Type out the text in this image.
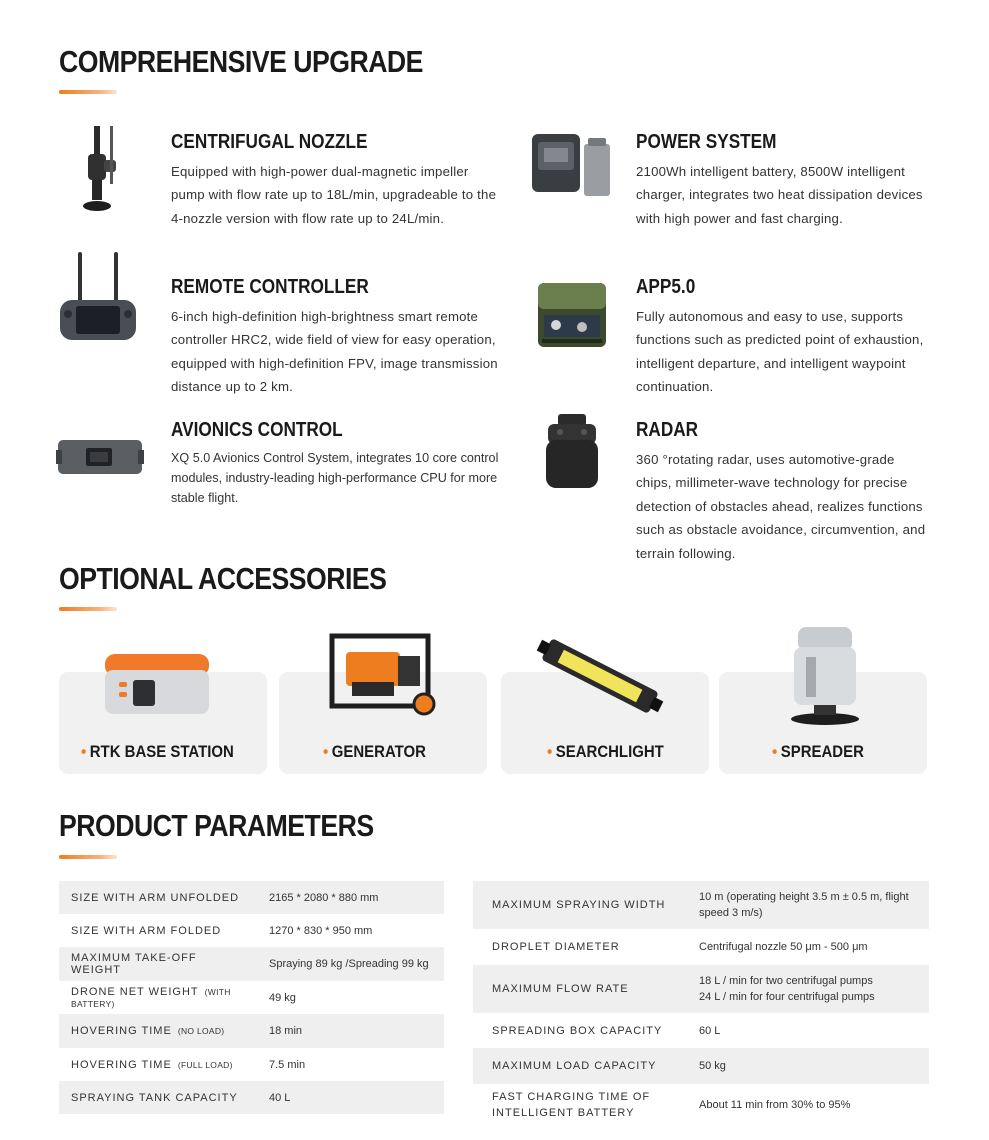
COMPREHENSIVE UPGRADE
CENTRIFUGAL NOZZLE

Equipped with high-power dual-magnetic impeller pump with flow rate up to 18L/min, upgradeable to the 4-nozzle version with flow rate up to 24L/min.

REMOTE CONTROLLER

6-inch high-definition high-brightness smart remote controller HRC2, wide field of view for easy operation, equipped with high-definition FPV, image transmission distance up to 2 km.

AVIONICS CONTROL

XQ 5.0 Avionics Control System, integrates 10 core control modules, industry-leading high-performance CPU for more stable flight.

POWER SYSTEM

2100Wh intelligent battery, 8500W intelligent charger, integrates two heat dissipation devices with high power and fast charging.

APP5.0

Fully autonomous and easy to use, supports functions such as predicted point of exhaustion, intelligent departure, and intelligent waypoint continuation.

RADAR

360 °rotating radar, uses automotive-grade chips, millimeter-wave technology for precise detection of obstacles ahead, realizes functions such as obstacle avoidance, circumvention, and terrain following.

OPTIONAL ACCESSORIES
• RTK BASE STATION	• GENERATOR	• SEARCHLIGHT	• SPREADER
PRODUCT PARAMETERS
SIZE WITH ARM UNFOLDED	2165 * 2080 * 880 mm
SIZE WITH ARM FOLDED	1270 * 830 * 950 mm
MAXIMUM TAKE-OFF WEIGHT	Spraying 89 kg /Spreading 99 kg
DRONE NET WEIGHT (WITH BATTERY)	49 kg
HOVERING TIME (NO LOAD)	18 min
HOVERING TIME (FULL LOAD)	7.5 min
SPRAYING TANK CAPACITY	40 L
MAXIMUM SPRAYING WIDTH	10 m (operating height 3.5 m ± 0.5 m, flight
speed 3 m/s)

DROPLET DIAMETER	Centrifugal nozzle 50 μm - 500 μm
MAXIMUM FLOW RATE	18 L / min for two centrifugal pumps
24 L / min for four centrifugal pumps

SPREADING BOX CAPACITY	60 L
MAXIMUM LOAD CAPACITY	50 kg

FAST CHARGING TIME OF
INTELLIGENT BATTERY	About 11 min from 30% to 95%
